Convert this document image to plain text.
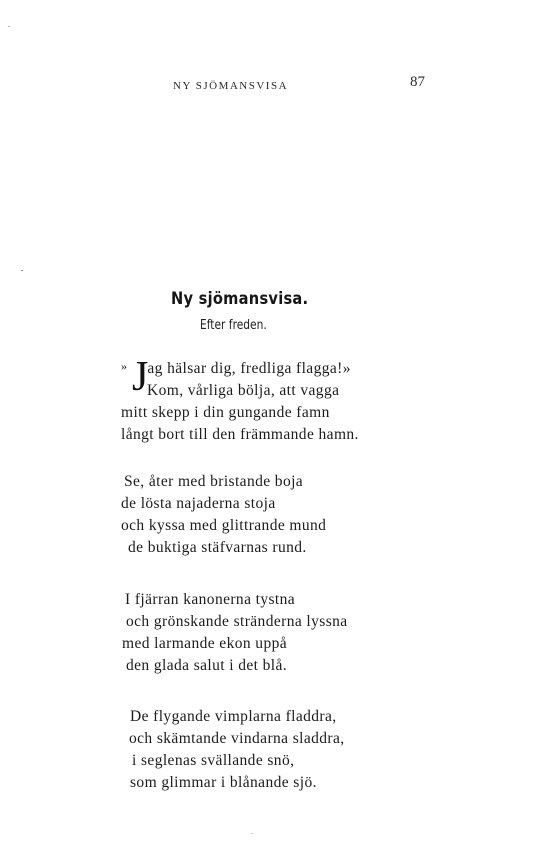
NY SJÖMANSVISA	87
Ny sjömansvisa.
Efter freden.
J
» ag hälsar dig, fredliga flagga!»
Kom, vårliga bölja, att vagga
mitt skepp i din gungande famn
långt bort till den främmande hamn.
Se, åter med bristande boja
de lösta najaderna stoja
och kyssa med glittrande mund
de buktiga stäfvarnas rund.
I fjärran kanonerna tystna
och grönskande stränderna lyssna
med larmande ekon uppå
den glada salut i det blå.
De flygande vimplarna fladdra,
och skämtande vindarna sladdra,
i seglenas svällande snö,
som glimmar i blånande sjö.
